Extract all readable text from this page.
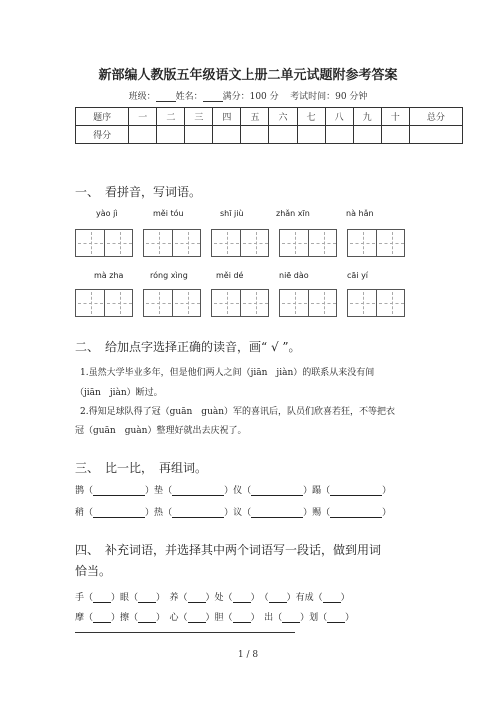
新部编人教版五年级语文上册二单元试题附参考答案
班级： 姓名： 满分：100 分 考试时间：90 分钟
题序	一	二	三	四	五	六	七	八	九	十	总分
得分											
一、　看拼音，写词语。
yào jì	měi tóu	shī jiù	zhǎn xīn	nà hǎn
mà zha	róng xìng	měi dé	niē dào	cāi yí
二、　给加点字选择正确的读音，画“ √ ”。
1.虽然大学毕业多年，但是他们两人之间（jiān　jiàn）的联系从来没有间
（jiān　jiàn）断过。
2.得知足球队得了冠（guān　guàn）军的喜讯后，队员们欣喜若狂，不等把衣
冠（guān　guàn）整理好就出去庆祝了。
三、　比一比，　再组词。
鹊（	）垫（	）仪（	）蹋（	）
稍（	）热（	）议（	）赐（	）
四、　补充词语，并选择其中两个词语写一段话，做到用词
恰当。
手（ ）眼（ ）　养（ ）处（ ）　（ ）有成（ ）
摩（ ）擦（ ）　心（ ）胆（ ）　出（ ）划（ ）
1 / 8
